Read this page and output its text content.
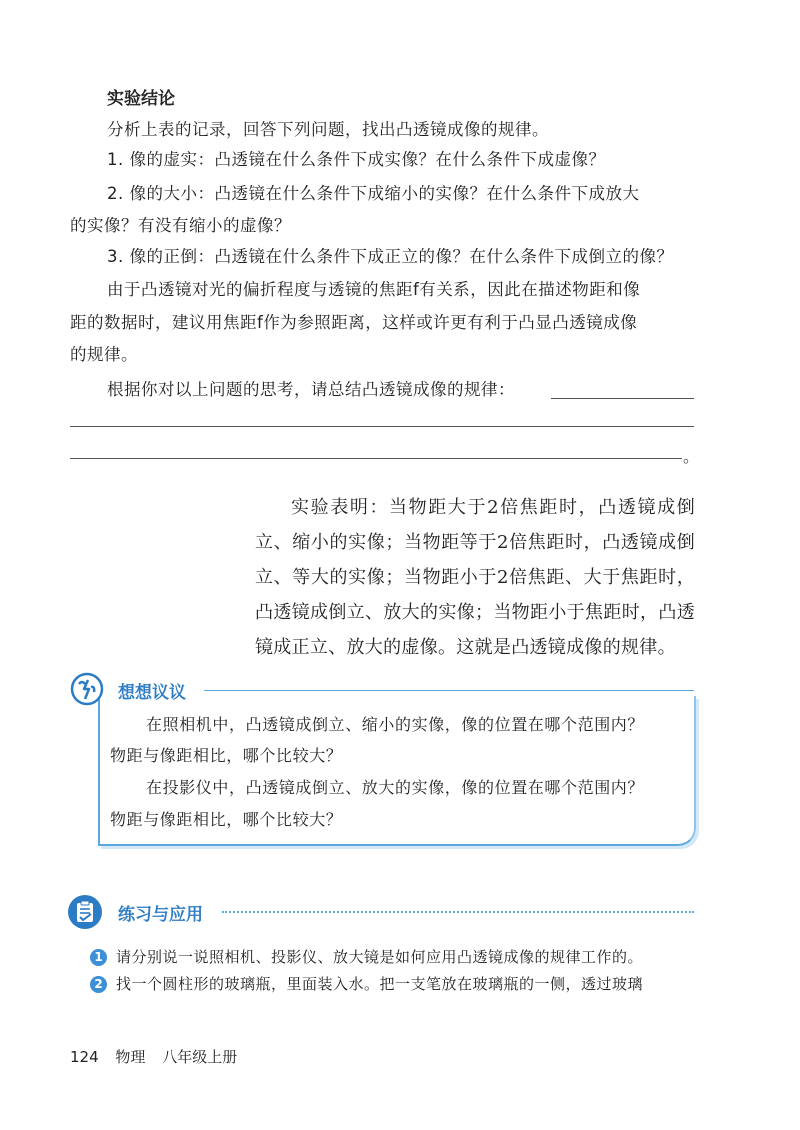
实验结论
分析上表的记录，回答下列问题，找出凸透镜成像的规律。
1. 像的虚实：凸透镜在什么条件下成实像？在什么条件下成虚像？
2. 像的大小：凸透镜在什么条件下成缩小的实像？在什么条件下成放大
的实像？有没有缩小的虚像？
3. 像的正倒：凸透镜在什么条件下成正立的像？在什么条件下成倒立的像？
由于凸透镜对光的偏折程度与透镜的焦距f有关系，因此在描述物距和像
距的数据时，建议用焦距f作为参照距离，这样或许更有利于凸显凸透镜成像
的规律。
根据你对以上问题的思考，请总结凸透镜成像的规律：
。
实验表明：当物距大于2倍焦距时，凸透镜成倒立、缩小的实像；当物距等于2倍焦距时，凸透镜成倒立、等大的实像；当物距小于2倍焦距、大于焦距时，凸透镜成倒立、放大的实像；当物距小于焦距时，凸透镜成正立、放大的虚像。这就是凸透镜成像的规律。
想想议议
在照相机中，凸透镜成倒立、缩小的实像，像的位置在哪个范围内？
物距与像距相比，哪个比较大？
在投影仪中，凸透镜成倒立、放大的实像，像的位置在哪个范围内？
物距与像距相比，哪个比较大？
练习与应用
1 请分别说一说照相机、投影仪、放大镜是如何应用凸透镜成像的规律工作的。
2 找一个圆柱形的玻璃瓶，里面装入水。把一支笔放在玻璃瓶的一侧，透过玻璃
124 物理 八年级上册
